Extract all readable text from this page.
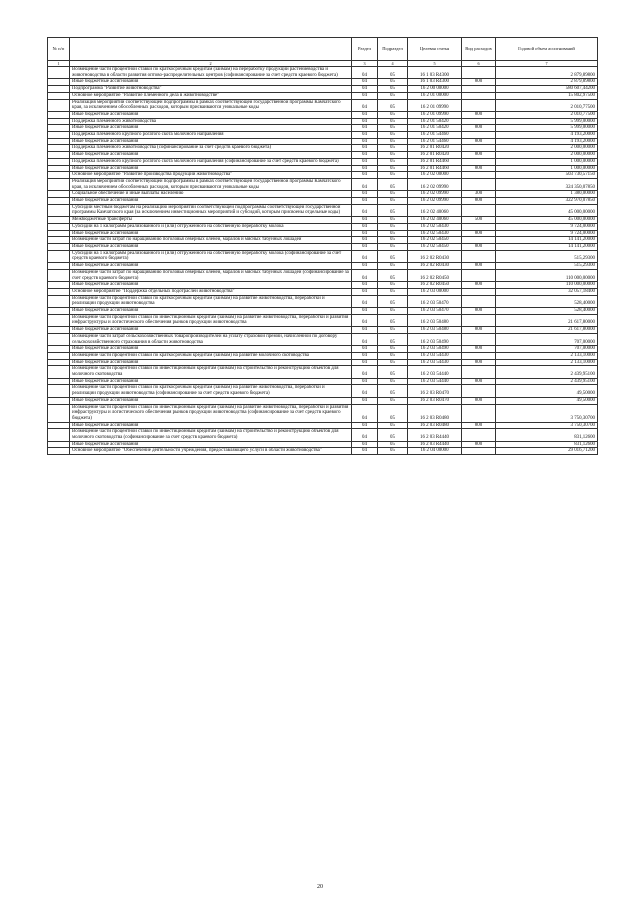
№ п/п		Раздел	Подраздел	Целевая статья	Вид расходов	Годовой объем ассигнований
1	2	3	4	5	6	7
	Возмещение части процентной ставки по краткосрочным кредитам (займам) на переработку продукции растениеводства и животноводства в области развития оптово-распределительных центров (софинансирование за счет средств краевого бюджета)	04	05	16 1 03 R4300		2 879,89800
	Иные бюджетные ассигнования	04	05	16 1 03 R4300	800	2 879,89800
	Подпрограмма "Развитие животноводства"	04	05	16 2 00 00000		580 607,44200
	Основное мероприятие "Развитие племенного дела в животноводстве"	04	05	16 2 01 00000		15 802,97500
	Реализация мероприятий соответствующей подпрограммы в рамках соответствующей государственной программы Камчатского края, за исключением обособленных расходов, которым присваиваются уникальные коды	04	05	16 2 01 09990		2 010,77500
	Иные бюджетные ассигнования	04	05	16 2 01 09990	800	2 010,77500
	Поддержка племенного животноводства	04	05	16 2 01 50420		5 999,00000
	Иные бюджетные ассигнования	04	05	16 2 01 50420	800	5 999,00000
	Поддержка племенного крупного рогатого скота молочного направления	04	05	16 2 01 54460		4 193,20000
	Иные бюджетные ассигнования	04	05	16 2 01 54460	800	4 193,20000
	Поддержка племенного животноводства (софинансирование за счет средств краевого бюджета)	04	05	16 2 01 R0420		2 000,00000
	Иные бюджетные ассигнования	04	05	16 2 01 R0420	800	2 000,00000
	Поддержка племенного крупного рогатого скота молочного направления (софинансирование за счет средств краевого бюджета)	04	05	16 2 01 R4460		1 000,00000
	Иные бюджетные ассигнования	04	05	16 2 01 R4460	800	1 000,00000
	Основное мероприятие "Развитие производства продукции животноводства"	04	05	16 2 02 00000		503 730,57150
	Реализация мероприятий соответствующей подпрограммы в рамках соответствующей государственной программы Камчатского края, за исключением обособленных расходов, которым присваиваются уникальные коды	04	05	16 2 02 09990		324 350,07850
	Социальное обеспечение и иные выплаты населению	04	05	16 2 02 09990	300	1 380,00000
	Иные бюджетные ассигнования	04	05	16 2 02 09990	800	322 970,07850
	Субсидии местным бюджетам на реализацию мероприятий соответствующей подпрограммы соответствующей государственной программы Камчатского края (за исключением инвестиционных мероприятий и субсидий, которым присвоены отдельные коды)	04	05	16 2 02 40060		45 000,00000
	Межбюджетные трансферты	04	05	16 2 02 40060	500	45 000,00000
	Субсидии на 1 килограмм реализованного и (или) отгруженного на собственную переработку молока	04	05	16 2 02 50430		9 724,00000
	Иные бюджетные ассигнования	04	05	16 2 02 50430	800	9 724,00000
	Возмещение части затрат по наращиванию поголовья северных оленей, маралов и мясных табунных лошадей	04	05	16 2 02 50450		14 141,20000
	Иные бюджетные ассигнования	04	05	16 2 02 50450	800	14 141,20000
	Субсидии на 1 килограмм реализованного и (или) отгруженного на собственную переработку молока (софинансирование за счет средств краевого бюджета)	04	05	16 2 02 R0430		515,29300
	Иные бюджетные ассигнования	04	05	16 2 02 R0430	800	515,29300
	Возмещение части затрат по наращиванию поголовья северных оленей, маралов и мясных табунных лошадей (софинансирование за счет средств краевого бюджета)	04	05	16 2 02 R0450		110 000,00000
	Иные бюджетные ассигнования	04	05	16 2 02 R0450	800	110 000,00000
	Основное мероприятие "Поддержка отдельных подотраслей животноводства"	04	05	16 2 03 00000		32 057,18400
	Возмещение части процентной ставки по краткосрочным кредитам (займам) на развитие животноводства, переработки и реализации продукции животноводства	04	05	16 2 03 50470		528,40000
	Иные бюджетные ассигнования	04	05	16 2 03 50470	800	528,40000
	Возмещение части процентной ставки по инвестиционным кредитам (займам) на развитие животноводства, переработки и развития инфраструктуры и логистического обеспечения рынков продукции животноводства	04	05	16 2 03 50480		21 617,80000
	Иные бюджетные ассигнования	04	05	16 2 03 50480	800	21 617,80000
	Возмещение части затрат сельскохозяйственных товаропроизводителей на уплату страховой премии, начисленной по договору сельскохозяйственного страхования в области животноводства	04	05	16 2 03 50490		707,00000
	Иные бюджетные ассигнования	04	05	16 2 03 50490	800	707,00000
	Возмещение части процентной ставки по краткосрочным кредитам (займам) на развитие молочного скотоводства	04	05	16 2 03 54430		2 133,10000
	Иные бюджетные ассигнования	04	05	16 2 03 54430	800	2 133,10000
	Возмещение части процентной ставки по инвестиционным кредитам (займам) на строительство и реконструкцию объектов для молочного скотоводства	04	05	16 2 03 54440		2 439,95100
	Иные бюджетные ассигнования	04	05	16 2 03 54440	800	2 439,95100
	Возмещение части процентной ставки по краткосрочным кредитам (займам) на развитие животноводства, переработки и реализации продукции животноводства (софинансирование за счет средств краевого бюджета)	04	05	16 2 03 R0470		49,50000
	Иные бюджетные ассигнования	04	05	16 2 03 R0470	800	49,50000
	Возмещение части процентной ставки по инвестиционным кредитам (займам) на развитие животноводства, переработки и развития инфраструктуры и логистического обеспечения рынков продукции животноводства (софинансирование за счет средств краевого бюджета)	04	05	16 2 03 R0480		3 750,30700
	Иные бюджетные ассигнования	04	05	16 2 03 R0480	800	3 750,30700
	Возмещение части процентной ставки по инвестиционным кредитам (займам) на строительство и реконструкцию объектов для молочного скотоводства (софинансирование за счет средств краевого бюджета)	04	05	16 2 03 R4440		831,12600
	Иные бюджетные ассигнования	04	05	16 2 03 R4440	800	831,12600
	Основное мероприятие "Обеспечение деятельности учреждения, предоставляющего услуги в области животноводства"	04	05	16 2 04 00000		29 016,71200
20
